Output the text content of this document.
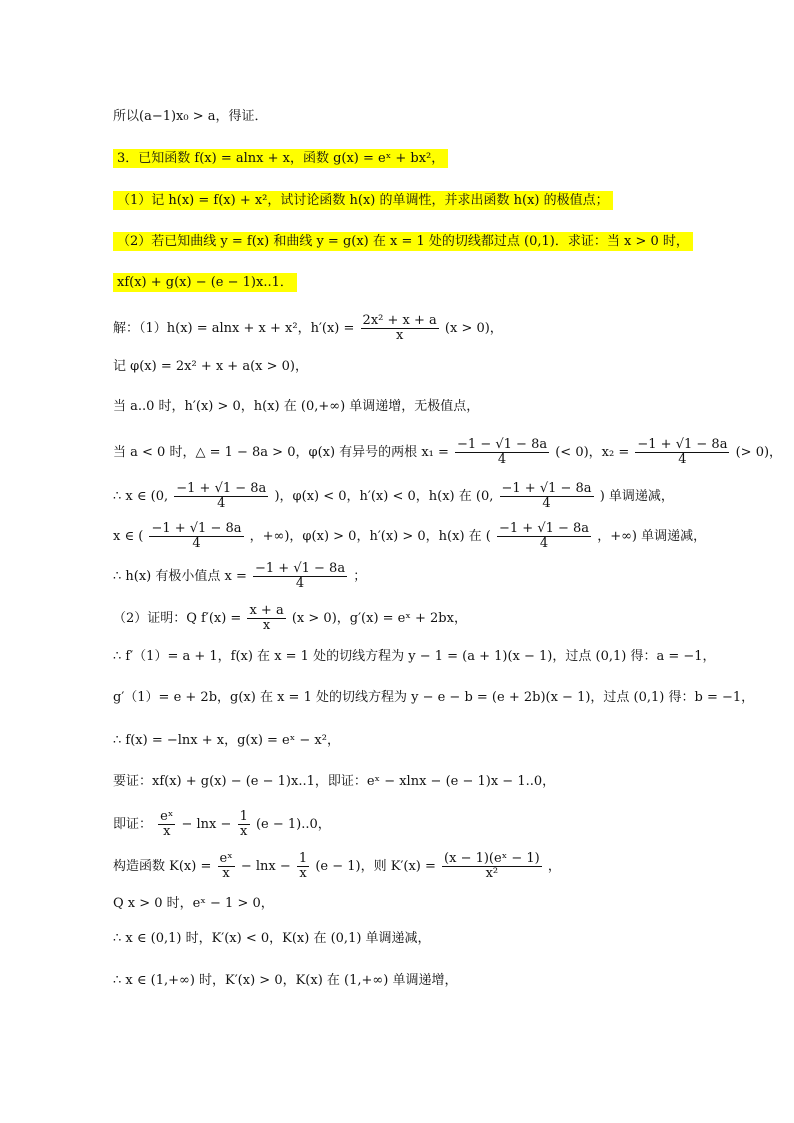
所以(a−1)x₀ > a，得证．
3．已知函数 f(x) = alnx + x，函数 g(x) = eˣ + bx²，
（1）记 h(x) = f(x) + x²，试讨论函数 h(x) 的单调性，并求出函数 h(x) 的极值点；
（2）若已知曲线 y = f(x) 和曲线 y = g(x) 在 x = 1 处的切线都过点 (0,1)．求证：当 x > 0 时，
xf(x) + g(x) − (e − 1)x..1．
解：（1）h(x) = alnx + x + x²，$h'(x) = \frac{\text{2x² + x + a}}{x} (x > 0)$，
记 φ(x) = 2x² + x + a(x > 0)，
当 a..0 时，h′(x) > 0，h(x) 在 (0,+∞) 单调递增，无极值点，
当 a < 0 时，△ = 1 − 8a > 0，φ(x) 有异号的两根 $x_1 = \frac{-1 - √1 - 8a}{4}$ (< 0)，$x_2 = \frac{-1 + √1 - 8a}{4}$ (> 0)，
∴ x ∈ (0, $\frac{-1 + √1 - 8a}{4}$ )，φ(x) < 0，h′(x) < 0，h(x) 在 (0, $\frac{-1 + √1 - 8a}{4}$ ) 单调递减，
x ∈ ( $\frac{-1 + √1 - 8a}{4}$ ，+∞)，φ(x) > 0，h′(x) > 0，h(x) 在 ( $\frac{-1 + √1 - 8a}{4}$ ，+∞) 单调递减，
∴ h(x) 有极小值点 $x = \frac{-1 + √1 - 8a}{4}$ ；
（2）证明：Q $f'(x) = \frac{x + a}{x} (x > 0)$，g′(x) = eˣ + 2bx，
∴ f′（1）= a + 1，f(x) 在 x = 1 处的切线方程为 y − 1 = (a + 1)(x − 1)，过点 (0,1) 得：a = −1，
g′（1）= e + 2b，g(x) 在 x = 1 处的切线方程为 y − e − b = (e + 2b)(x − 1)，过点 (0,1) 得：b = −1，
∴ f(x) = −lnx + x，g(x) = eˣ − x²，
要证：xf(x) + g(x) − (e − 1)x..1，即证：eˣ − xlnx − (e − 1)x − 1..0，
即证： $\frac{\text{eˣ}}{x} - \ln x - \frac{1}{x} (e - 1)..0$，
构造函数 $K(x) = \frac{\text{eˣ}}{x} - \ln x - \frac{1}{x} (e - 1)$，则 $K'(x) = \frac{\text{(x − 1)(eˣ − 1)}}{\text{x²}}$ ，
Q x > 0 时，eˣ − 1 > 0，
∴ x ∈ (0,1) 时，K′(x) < 0，K(x) 在 (0,1) 单调递减，
∴ x ∈ (1,+∞) 时，K′(x) > 0，K(x) 在 (1,+∞) 单调递增，
